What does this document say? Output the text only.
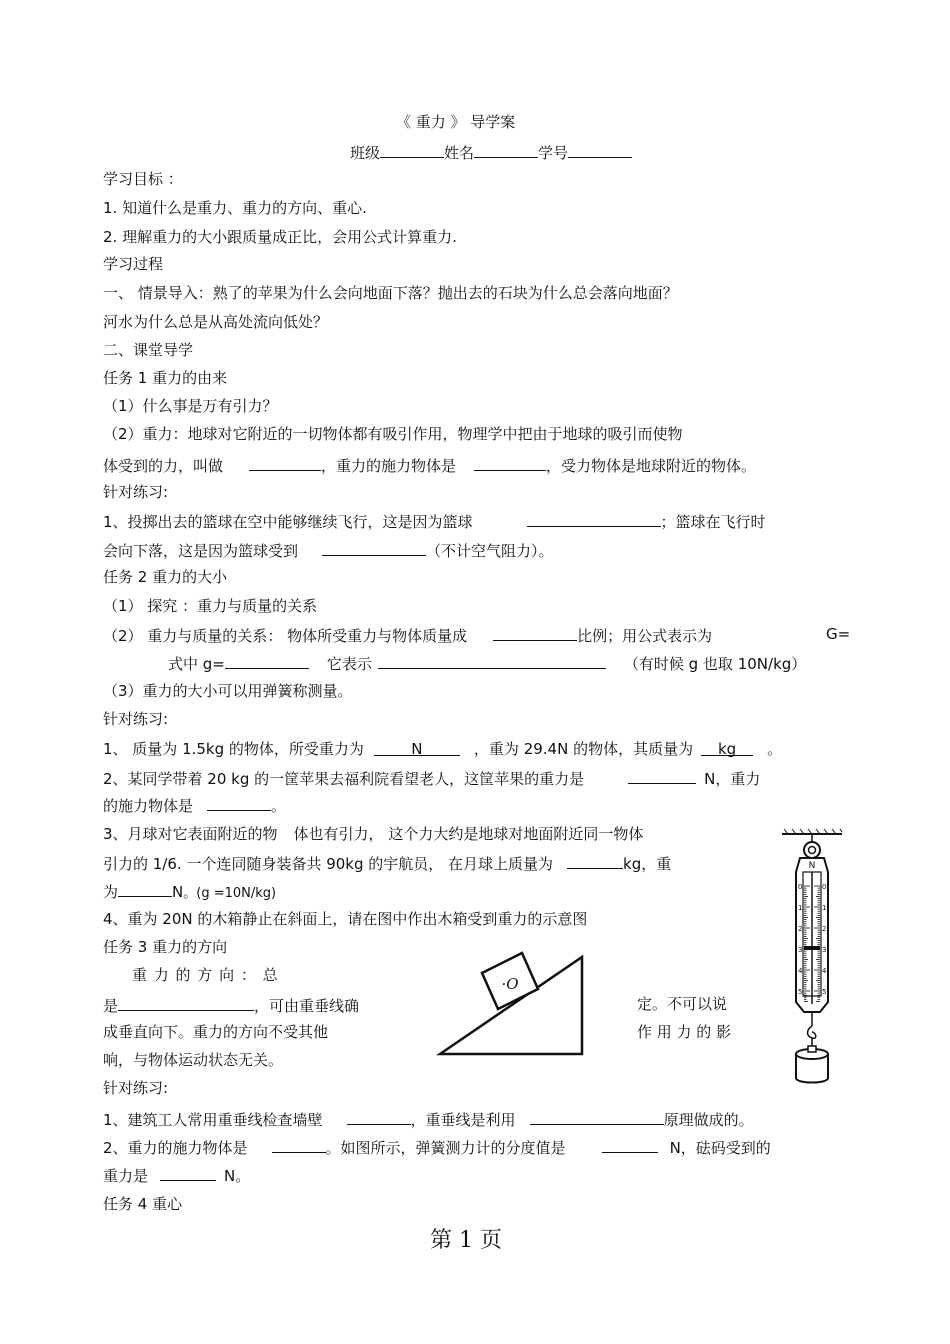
《 重力 》 导学案
班级	姓名	学号
学习目标 ：
1. 知道什么是重力、重力的方向、重心.
2. 理解重力的大小跟质量成正比，会用公式计算重力.
学习过程
一、 情景导入：熟了的苹果为什么会向地面下落？抛出去的石块为什么总会落向地面？
河水为什么总是从高处流向低处？
二、课堂导学
任务 1 重力的由来
（1）什么事是万有引力？
（2）重力：地球对它附近的一切物体都有吸引作用，物理学中把由于地球的吸引而使物
体受到的力，叫做	，重力的施力物体是	，受力物体是地球附近的物体。
针对练习:
1、投掷出去的篮球在空中能够继续飞行，这是因为篮球	；篮球在飞行时
会向下落，这是因为篮球受到	（不计空气阻力）。
任务 2 重力的大小
（1） 探究 ：重力与质量的关系
（2） 重力与质量的关系： 物体所受重力与物体质量成	比例；用公式表示为	G=
式中 g=	它表示	（有时候 g 也取 10N/kg）
（3）重力的大小可以用弹簧称测量。
针对练习:
1、 质量为 1.5kg 的物体，所受重力为	N	，重为 29.4N 的物体，其质量为 kg 。
2、某同学带着 20 kg 的一筐苹果去福利院看望老人，这筐苹果的重力是	N，重力
的施力物体是	。
3、月球对它表面附近的物 体也有引力， 这个力大约是地球对地面附近同一物体
引力的 1/6. 一个连同随身装备共 90kg 的宇航员， 在月球上质量为	kg，重
为	N。(g =10N/kg)
4、重为 20N 的木箱静止在斜面上，请在图中作出木箱受到重力的示意图
任务 3 重力的方向
重 力 的 方 向 ： 总
是	，可由重垂线确	定。不可以说
成垂直向下。重力的方向不受其他	作 用 力 的 影
响，与物体运动状态无关。
针对练习:
1、建筑工人常用重垂线检查墙壁	，重垂线是利用	原理做成的。
2、重力的施力物体是	。如图所示，弹簧测力计的分度值是	N，砝码受到的
重力是	N。
任务 4 重心
第 1 页
·O
N
0
1
2
3
4
5
0
1
2
3
4
5
